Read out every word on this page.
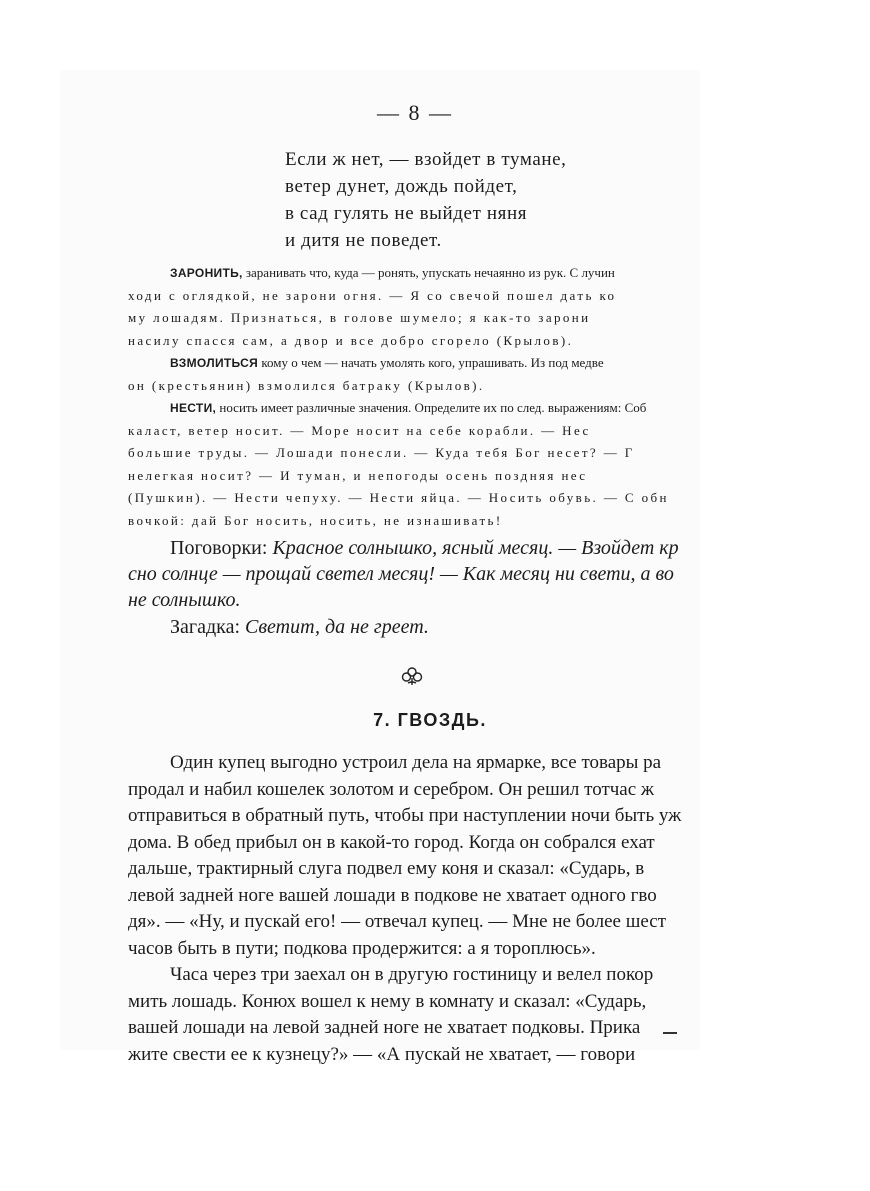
— 8 —
Если ж нет, — взойдет в тумане,
ветер дунет, дождь пойдет,
в сад гулять не выйдет няня
и дитя не поведет.
ЗАРОНИТЬ, заранивать что, куда — ронять, упускать нечаянно из рук. С лучин
ходи с оглядкой, не зарони огня. — Я со свечой пошел дать ко
му лошадям. Признаться, в голове шумело; я как-то зарони
насилу спасся сам, а двор и все добро сгорело (Крылов).
ВЗМОЛИТЬСЯ кому о чем — начать умолять кого, упрашивать. Из под медве
он (крестьянин) взмолился батраку (Крылов).
НЕСТИ, носить имеет различные значения. Определите их по след. выражениям: Соб
каласт, ветер носит. — Море носит на себе корабли. — Нес
большие труды. — Лошади понесли. — Куда тебя Бог несет? — Г
нелегкая носит? — И туман, и непогоды осень поздняя нес
(Пушкин). — Нести чепуху. — Нести яйца. — Носить обувь. — С обн
вочкой: дай Бог носить, носить, не изнашивать!
Поговорки: Красное солнышко, ясный месяц. — Взойдет кр
сно солнце — прощай светел месяц! — Как месяц ни свети, а во
не солнышко.
Загадка: Светит, да не греет.
7. ГВОЗДЬ.
Один купец выгодно устроил дела на ярмарке, все товары ра
продал и набил кошелек золотом и серебром. Он решил тотчас ж
отправиться в обратный путь, чтобы при наступлении ночи быть уж
дома. В обед прибыл он в какой-то город. Когда он собрался ехат
дальше, трактирный слуга подвел ему коня и сказал: «Сударь, в
левой задней ноге вашей лошади в подкове не хватает одного гво
дя». — «Ну, и пускай его! — отвечал купец. — Мне не более шест
часов быть в пути; подкова продержится: а я тороплюсь».
Часа через три заехал он в другую гостиницу и велел покор
мить лошадь. Конюх вошел к нему в комнату и сказал: «Сударь,
вашей лошади на левой задней ноге не хватает подковы. Прика
жите свести ее к кузнецу?» — «А пускай не хватает, — говори
